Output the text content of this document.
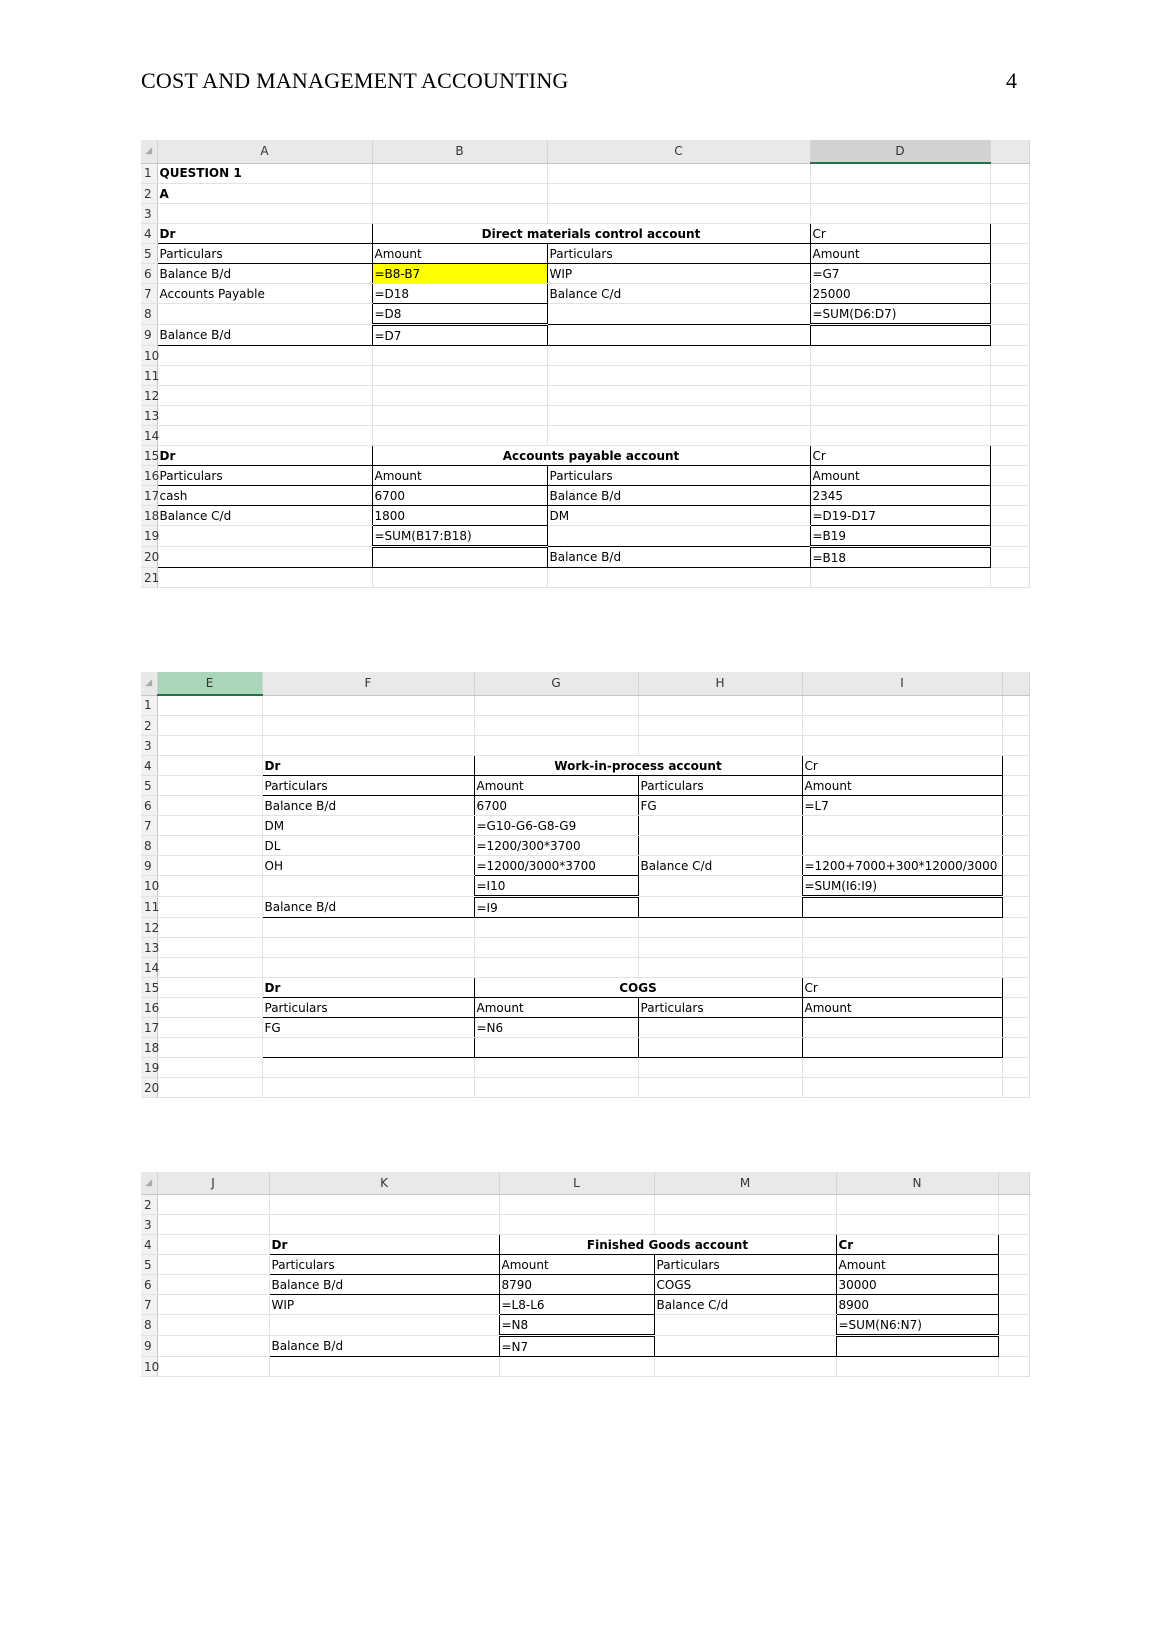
COST AND MANAGEMENT ACCOUNTING	4
◢	A	B	C	D	
1	QUESTION 1				
2	A				
3					
4	Dr	Direct materials control account		Cr	
5	Particulars	Amount	Particulars	Amount	
6	Balance B/d	=B8-B7	WIP	=G7	
7	Accounts Payable	=D18	Balance C/d	25000	
8		=D8		=SUM(D6:D7)	
9	Balance B/d	=D7			
10					
11					
12					
13					
14					
15	Dr	Accounts payable account		Cr	
16	Particulars	Amount	Particulars	Amount	
17	cash	6700	Balance B/d	2345	
18	Balance C/d	1800	DM	=D19-D17	
19		=SUM(B17:B18)		=B19	
20			Balance B/d	=B18	
21					
◢	E	F	G	H	I	
1						
2						
3						
4		Dr	Work-in-process account		Cr	
5		Particulars	Amount	Particulars	Amount	
6		Balance B/d	6700	FG	=L7	
7		DM	=G10-G6-G8-G9			
8		DL	=1200/300*3700			
9		OH	=12000/3000*3700	Balance C/d	=1200+7000+300*12000/3000	
10			=I10		=SUM(I6:I9)	
11		Balance B/d	=I9			
12						
13						
14						
15		Dr	COGS		Cr	
16		Particulars	Amount	Particulars	Amount	
17		FG	=N6			
18						
19						
20						
◢	J	K	L	M	N	
2						
3						
4		Dr	Finished Goods account		Cr	
5		Particulars	Amount	Particulars	Amount	
6		Balance B/d	8790	COGS	30000	
7		WIP	=L8-L6	Balance C/d	8900	
8			=N8		=SUM(N6:N7)	
9		Balance B/d	=N7			
10						
